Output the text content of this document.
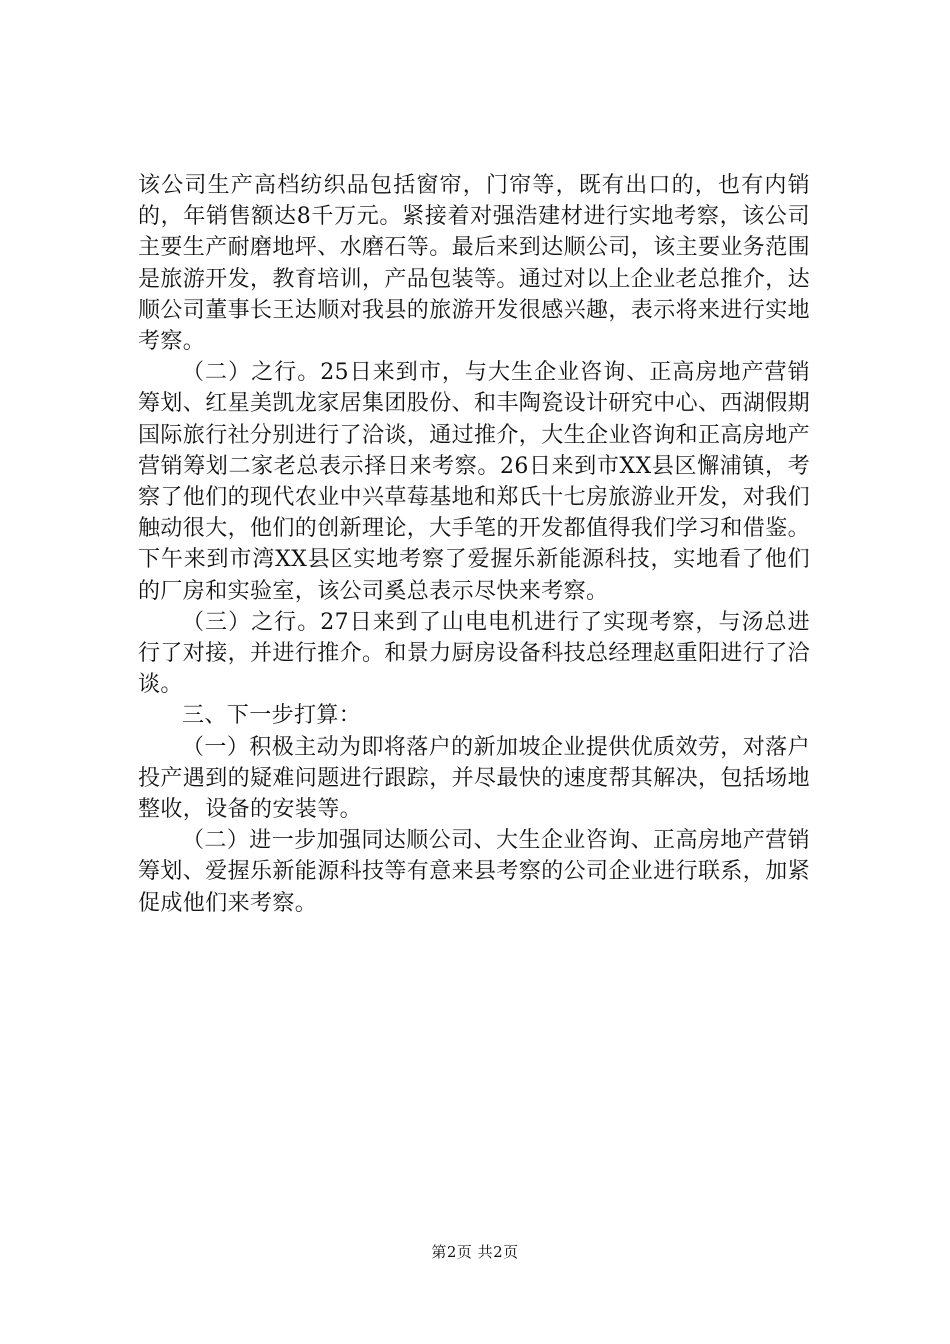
该公司生产高档纺织品包括窗帘，门帘等，既有出口的，也有内销的，年销售额达8千万元。紧接着对强浩建材进行实地考察，该公司主要生产耐磨地坪、水磨石等。最后来到达顺公司，该主要业务范围是旅游开发，教育培训，产品包装等。通过对以上企业老总推介，达顺公司董事长王达顺对我县的旅游开发很感兴趣，表示将来进行实地考察。

（二）之行。25日来到市，与大生企业咨询、正高房地产营销筹划、红星美凯龙家居集团股份、和丰陶瓷设计研究中心、西湖假期国际旅行社分别进行了洽谈，通过推介，大生企业咨询和正高房地产营销筹划二家老总表示择日来考察。26日来到市XX县区懈浦镇，考察了他们的现代农业中兴草莓基地和郑氏十七房旅游业开发，对我们触动很大，他们的创新理论，大手笔的开发都值得我们学习和借鉴。下午来到市湾XX县区实地考察了爱握乐新能源科技，实地看了他们的厂房和实验室，该公司奚总表示尽快来考察。

（三）之行。27日来到了山电电机进行了实现考察，与汤总进行了对接，并进行推介。和景力厨房设备科技总经理赵重阳进行了洽谈。

三、下一步打算：

（一）积极主动为即将落户的新加坡企业提供优质效劳，对落户投产遇到的疑难问题进行跟踪，并尽最快的速度帮其解决，包括场地整收，设备的安装等。

（二）进一步加强同达顺公司、大生企业咨询、正高房地产营销筹划、爱握乐新能源科技等有意来县考察的公司企业进行联系，加紧促成他们来考察。

第2页 共2页
